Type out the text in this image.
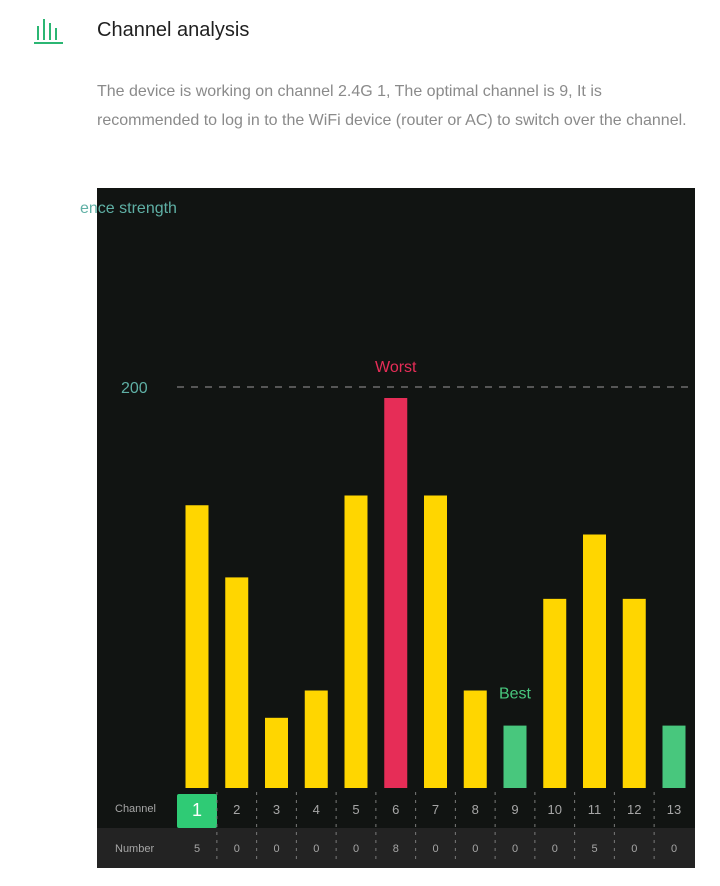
Channel analysis
The device is working on channel 2.4G 1, The optimal channel is 9, It is recommended to log in to the WiFi device (router or AC) to switch over the channel.
ence strength
200
Worst
Best
Channel
Number
1
5
2
0
3
0
4
0
5
0
6
8
7
0
8
0
9
0
10
0
11
5
12
0
13
0
